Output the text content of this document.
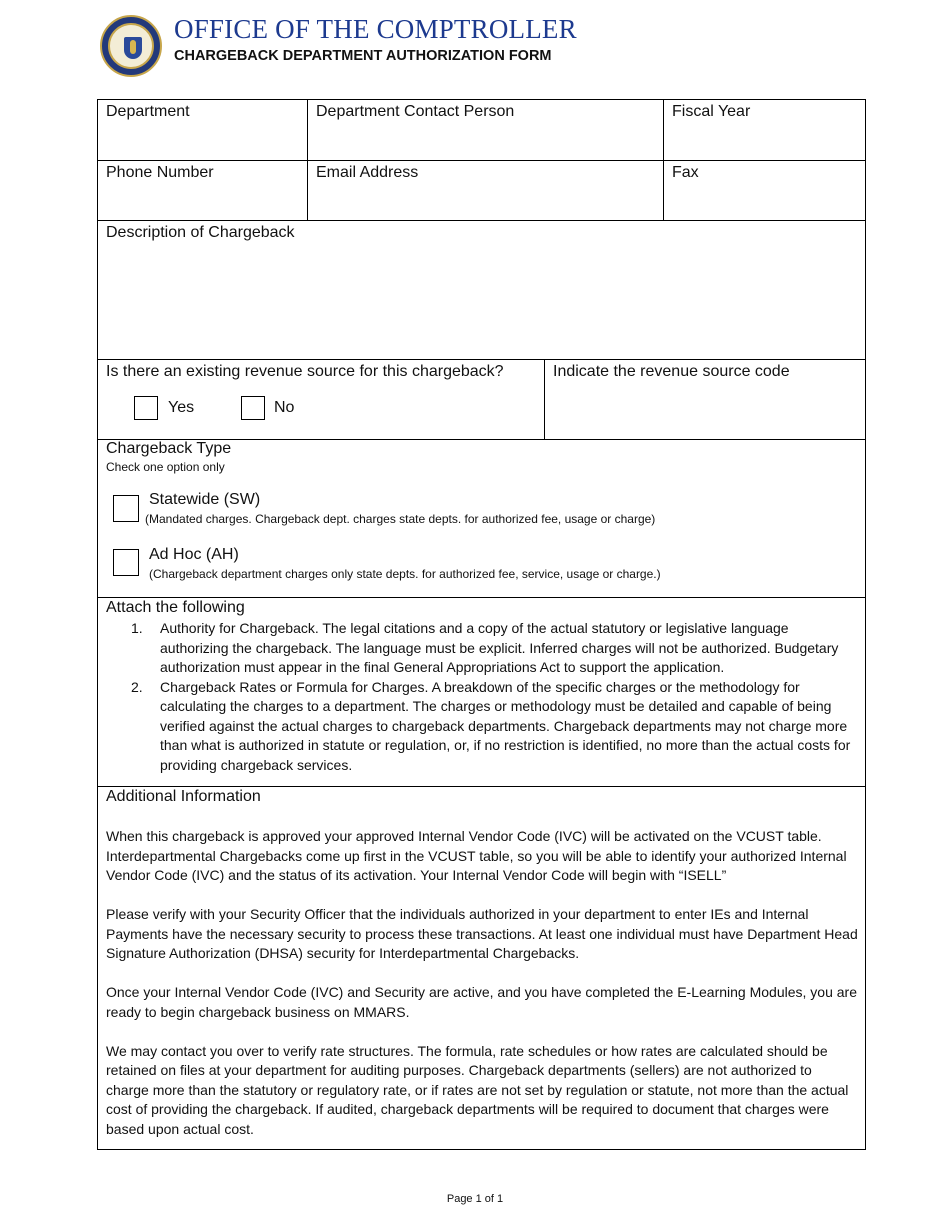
OFFICE OF THE COMPTROLLER
CHARGEBACK DEPARTMENT AUTHORIZATION FORM
Department	Department Contact Person	Fiscal Year
Phone Number	Email Address	Fax
Description of Chargeback
Is there an existing revenue source for this chargeback?
Yes	No
Indicate the revenue source code
Chargeback Type
Check one option only
Statewide (SW)
(Mandated charges. Chargeback dept. charges state depts. for authorized fee, usage or charge)
Ad Hoc (AH)
(Chargeback department charges only state depts. for authorized fee, service, usage or charge.)
Attach the following
1. Authority for Chargeback. The legal citations and a copy of the actual statutory or legislative language authorizing the chargeback. The language must be explicit. Inferred charges will not be authorized. Budgetary authorization must appear in the final General Appropriations Act to support the application.
2. Chargeback Rates or Formula for Charges. A breakdown of the specific charges or the methodology for calculating the charges to a department. The charges or methodology must be detailed and capable of being verified against the actual charges to chargeback departments. Chargeback departments may not charge more than what is authorized in statute or regulation, or, if no restriction is identified, no more than the actual costs for providing chargeback services.
Additional Information

When this chargeback is approved your approved Internal Vendor Code (IVC) will be activated on the VCUST table. Interdepartmental Chargebacks come up first in the VCUST table, so you will be able to identify your authorized Internal Vendor Code (IVC) and the status of its activation. Your Internal Vendor Code will begin with “ISELL”

Please verify with your Security Officer that the individuals authorized in your department to enter IEs and Internal Payments have the necessary security to process these transactions. At least one individual must have Department Head Signature Authorization (DHSA) security for Interdepartmental Chargebacks.

Once your Internal Vendor Code (IVC) and Security are active, and you have completed the E-Learning Modules, you are ready to begin chargeback business on MMARS.

We may contact you over to verify rate structures. The formula, rate schedules or how rates are calculated should be retained on files at your department for auditing purposes. Chargeback departments (sellers) are not authorized to charge more than the statutory or regulatory rate, or if rates are not set by regulation or statute, not more than the actual cost of providing the chargeback. If audited, chargeback departments will be required to document that charges were based upon actual cost.

Page 1 of 1
